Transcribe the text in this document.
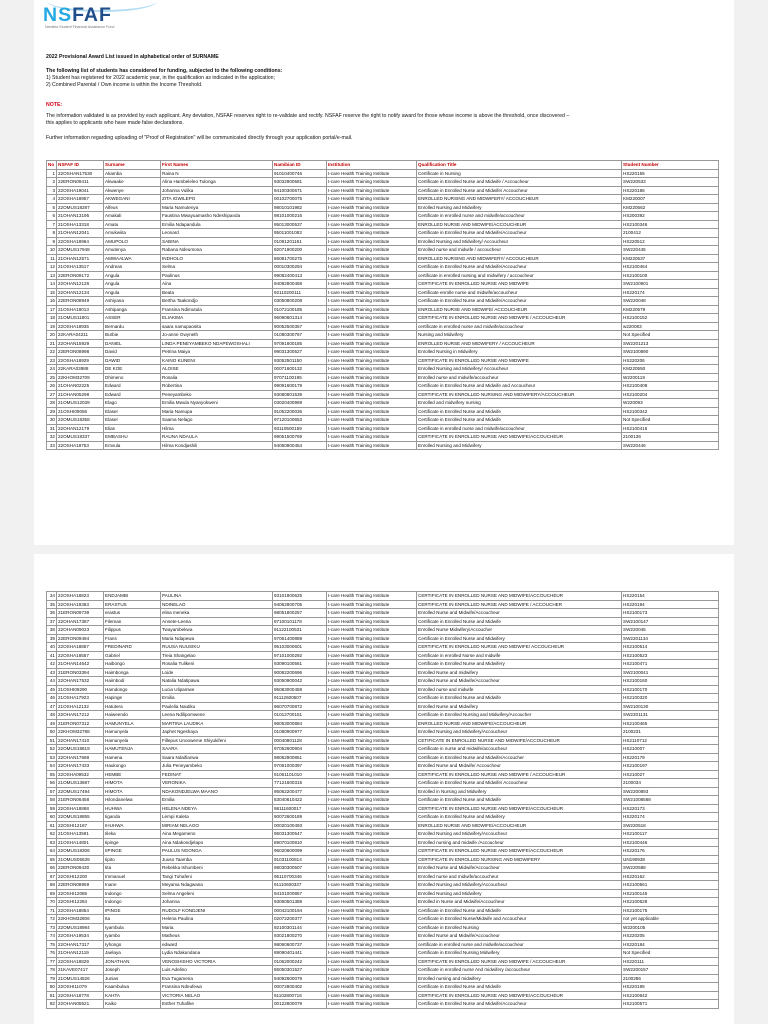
NSFAF
Namibia Student Financial Assistance Fund
2022 Provisional Award List issued in alphabetical order of SURNAME
The following list of students has considered for funding, subjected to the following conditions:
1) Student has registered for 2022 academic year, in the qualification as indicated in the application;
2) Combined Parental / Own income is within the Income Threshold.
NOTE:
The information validated is as provided by each applicant. Any deviation, NSFAF reserves right to re-validate and rectify. NSFAF reserve the right to notify award for those whose income is above the threshold, once discovered –
this applies to applicants who have made false declarations.
Further information regarding uploading of "Proof of Registration" will be communicated directly through your application portal/e-mail.
No	NSFAF ID	Surname	First Names	Namibian ID	Institution	Qualification Title	Student Number
1	22OSHAN17530	Akamba	Raina N	91010400746	I-care Health Training Institute	Certificate in Nursing	HS220155
2	22ERON09411	Akwaake	Alina Hambeleleo Tulonga	93032900581	I-care Health Training Institute	Certificate in Enrolled Nurse and Midwife / Accoucheur	SW220533
3	22OSHA19041	Akwenye	Johanna Vulika	94100300671	I-care Health Training Institute	Certificate in Enrolled Nurse and Midwife/ Accoucheur	HS220186
4	22OSHA18957	AKWEGANI	ZITA IGWILEPO	00102700075	I-care Health Training Institute	ENROLLED NURSING AND MIDWIFERY/ ACCOUCHEUR	KM220007
5	22OMUS18287	Alfeus	Maria Namutenya	98010101982	I-care Health Training Institute	Enrolled Nursing and Midwifery	KM220562
6	21OHAN13195	Amakali	Faustina Mwayuamasho Ndeshipanda	98101000216	I-care Health Training Institute	Certificate in enrolled nurse and midwife/accoucheur	HS200392
7	21OSHA13318	Amatu	Emilia Ndapandula	95013000537	I-care Health Training Institute	ENROLLED NURSE AND MIDWIFE/ACCOUCHEUR	HS2100346
8	21OHAN12041	Amukwiita	Leonard	95011001083	I-care Health Training Institute	Certificate in Enrolled Nurse and Midwife/Accoucheur	2100412
9	22OSHA18964	AMUPOLO	SABINA	01091201161	I-care Health Training Institute	Enrolled Nursing and Midwifery/ Accoucheur	HS220512
10	22OMUS17948	Amutenya	Rabana Ndeumona	92071900200	I-care Health Training Institute	Enrolled nurse and midwife / accoucheur	SW220445
11	21OHAN12571	AMWAALWA	INDHOLO	86081700275	I-care Health Training Institute	ENROLLED NURSING AND MIDWIFERY/ ACCOUCHEUR	KM220537
12	21OSHA13517	Andreas	Selma	00010300294	I-care Health Training Institute	Certificate in Enrolled Nurse and Midwife/Accoucheur	HS2100464
13	22ERON09172	Angula	Paulinus	99082400413	I-care Health Training Institute	certificate in enrolled nursing and midwifery / accoucheur	HS2100100
14	22OHAN12126	Angula	Aina	94082800468	I-care Health Training Institute	CERTIFICATE IN ENROLLED NURSE AND MIDWIFE	SW2100901
15	22OHAN12134	Angula	Beata	92110200111	I-care Health Training Institute	Certificate enrolle nurse and midwife/accoucheur	HS220174
16	22ERON08949	Ashiyana	Bertha Taakondjo	03050800208	I-care Health Training Institute	Certificate in Enrolled Nurse and Midwife/Accoucheur	SW220048
17	21OSHA19013	Ashipanga	Fransina Ndimutula	01072100185	I-care Health Training Institute	ENROLLED NURSE AND MIDWIFE/ ACCOUCHEUR	KM220579
18	21OMUS11801	ASSER	ELIAKIMA	96090601314	I-care Health Training Institute	CERTIFICATE IN ENROLLED NURSE AND MIDWIFE / ACCOUCHEUR	HS2100152
19	22OSHA18935	Bernardu	saara namupaosita	90052500357	I-care Health Training Institute	certificate in enrolled nurse and midwife/accoucheur	w220083
20	22KARA04211	Burbie	Jo-anne Gwyneth	01080300767	I-care Health Training Institute	Nursing and Midwifery	Not Specified
21	22OHAN15929	DANIEL	LINDA PENEYAMBEKO NDAPEWOSHALI	97091600185	I-care Health Training Institute	ENROLLED NURSE AND MIDWIFERY / ACCOUCHEUR	SW2201213
22	22ERON08998	David	Petrina Maiya	99031300527	I-care Health Training Institute	Enrolled Nursing in Midwifery	SW2100890
23	22OSHA18929	DAWID	KAINO KUNENI	93052501150	I-care Health Training Institute	CERTIFICATE IN ENROLLED NURSE AND MIDWIFE	HS220206
24	22KARA03988	DE KOE	ALOISE	00071600132	I-care Health Training Institute	Enrolled Nursing and Midwifery/ Accoucheur	KM220550
25	22KHOM32709	Dhimeno	Rosalia	97071100195	I-care Health Training Institute	Enrolled nurse and midwife/accoucheur	W2200119
26	21OHAN02225	Edward	Robertina	99091600179	I-care Health Training Institute	Certificate in Enrolled Nurse and Midwife and Accoucheur	HS2100408
27	21OHAN05298	Edward	Peneyambeko	93080801539	I-care Health Training Institute	CERTIFICATE IN ENROLLED NURSING AND MIDWIFERY/ACCOUCHEUR	HS2100204
28	21OMUS12039	Elago	Emilia Mwula Nyanyokweni	03020400969	I-care Health Training Institute	Enrolled and midwifery nursing	W220093
29	21OSHI09056	Elaser	Maria Namupa	91052200036	I-care Health Training Institute	Certificate in Enrolled Nurse and Midwife	HS2100342
30	22OMUS18358	Elaser	Saama Nelago	97120100653	I-care Health Training Institute	Certificate in Enrolled Nurse and Midwife	Not Specified
31	22OHAN12179	Elias	Hilma	93110500159	I-care Health Training Institute	Certificate in enrolled nurse and midwife/accoucheur	HS2100416
32	22OMUS18337	EMBASHU	RAUNA NDAULA	99051500769	I-care Health Training Institute	CERTIFICATE IN ENROLLED NURSE AND MIDWIFE/ACCOUCHEUR	2100136
33	22OSHA18753	Emvula	Hilma Kondjashili	94050800454	I-care Health Training Institute	Enrolled Nursing and Midwifery	SW220446
34	22OSHA18823	ENDJAMBI	PAULINA	93101800625	I-care Health Training Institute	CERTIFICATE IN ENROLLED NURSE AND MIDWIFE/ACCOUCHEUR	HS220154
35	22OSHA19363	ERASTUS	NDINELAO	94062800705	I-care Health Training Institute	CERTIFICATE IN ENROLLED NURSE AND MIDWIFE / ACCOUCHER	HS220194
36	21ERON09739	erastus	elina meneka	98051800257	I-care Health Training Institute	Enrolled Nurse and Midwife/Accoucheur	HS2100173
37	22OHAN17387	Fileman	Annete-Leena	97100101178	I-care Health Training Institute	Certificate in Enrolled Nurse and Midwife	SW2100147
38	22OHAN09023	Filippus	Twayambekwa	91122100531	I-care Health Training Institute	Enrolled Nurse Midwifery/Accoucher	SW220045
39	22ERON09494	Frans	Maria Ndapewa	97061400889	I-care Health Training Institute	Certificate in Enrolled Nurse and Midwifery	SW2201134
40	22OSHA18857	FREDINARD	RUUSA NUUSIKU	95103000601	I-care Health Training Institute	CERTIFICATE IN ENROLLED NURSE AND MIDWIFE/ ACCOUCHEUR	HS2100514
41	22OSHA18557	Gabriel	Treia Shangelao	97101000292	I-care Health Training Institute	Certificate in enrolled Nurse and midwife	HS2100523
42	21OHAN14642	Haibongo	Rosalia Tulikeni	93090100561	I-care Health Training Institute	Certificate in Enrolled Nurse and Midwifery	HS2100471
43	21ERON03394	Haimbonga	Loide	90082200696	I-care Health Training Institute	Enrolled Nurse and midwifery	SW2100041
44	22OHAN17532	Haimbodi	Natalia Ndatipawa	93050900042	I-care Health Training Institute	Enrolled Nurse and Midwife/Accoucheur	HS2100160
45	21OSHI09290	Hamdongo	Lucia Ulipamwe	95083000458	I-care Health Training Institute	Enrolled nurse and midwife	HS2100170
46	21OSHA17923	Hapinge	Emilia	91112600507	I-care Health Training Institute	Certificate in Enrolled Nurse and Midwife	HS2100320
47	21OSHA12132	Hatutera	Paulelia Nautiku	96070700872	I-care Health Training Institute	Enrolled Nurse and Midwifery	SW2100130
48	22OHAN17212	Haiweendo	Leena Ndilipomwene	01012700151	I-care Health Training Institute	Certificate in Enrolled Nursing and Midwifery/Accoucher	SW2201131
49	21ERON07312	HAMUNYELA	MARTINA LAUDIKA	96053000884	I-care Health Training Institute	ENROLLED NURSE AND MIDWIFE/ACCOUCHEUR	HS2100465
50	22KHOM32788	Hamunyela	Japhet Ngeshaya	01080900977	I-care Health Training Institute	Enrolled Nursing and Midwifery/Accoucheur	2100231
51	22OHAN17410	Hamunyela	Fillepus Unooweme Shiyukifeni	00040801128	I-care Health Training Institute	CETIFICATE IN ENROLLED NURSE AND MIDWIFE/ACCOUCHEUR	HS2110712
52	22OMUS18819	HAMUTENJA	SAARA	97052600904	I-care Health Training Institute	Certificate in nurse and midwife/accoucheur	HS210007
53	22OHAN17688	Hamena	Saara Ndaifianwa	98062900851	I-care Health Training Institute	Certificate in Enrolled Nurse and Midwife/Accoucher	HS220179
54	22OHAN17433	Haukongo	Julia Peneyambeko	97061000397	I-care Health Training Institute	Enrolled Nurse and Midwife/ Accoucheur	HS2100197
55	22OSHA09532	HEMBE	FEDINAT	91061101010	I-care Health Training Institute	CERTIFICATE IN ENROLLED NURSE AND MIDWIFE / ACCOUCHEUR	HS210027
56	21OMUS13687	HIMOTA	VERONIKA	77121600315	I-care Health Training Institute	Certificate in Enrolled Nurse and Midwife/ Accoucheur	2100034
57	22OMUS17494	HIMOTA	NDAKONDJELWA MAANO	95062200477	I-care Health Training Institute	Enrolled in Nursing and Midwifery	SW2200893
58	21ERON06458	Hilondanelwa	Emilia	83040610422	I-care Health Training Institute	Certificate in Enrolled Nurse and Midwife	SW21008568
59	22OSHA18868	HUHWA	HELENA NDEYA	98111600017	I-care Health Training Institute	CERTIFICATE IN ENROLLED NURSE AND MIDWIFE/ACCOUCHEUR	HS220173
60	22OMUS18855	Iiganda	Lempi Kaleta	90072600189	I-care Health Training Institute	Certificate in Enrolled Nurse and Midwifery	HS220174
61	22OSHI12167	IHUHWA	MIRIAM NELAGO	00020100493	I-care Health Training Institute	ENROLLED NURSE AND MIDWIFE/ACCOUCHEUR	SW220518
62	21OSHA13591	Iileka	Aina Megameno	95031300547	I-care Health Training Institute	Enrolled Nursing and Midwifery/Accoucheur	HS2100117
63	21OSHA14801	Iipinge	Aina Ndakondjelapo	89070100810	I-care Health Training Institute	Enrolled nursing and midwife /Accoucheur	HS2100446
64	22OMUS18306	IIPINGE	PAULUS NGONGA	96020600099	I-care Health Training Institute	CERTIFICATE IN ENROLLED NURSE AND MIDWIFE/ACCOUCHEUR	HS220176
65	21OMUS05639	Iipito	Juuso Taamba	91031100814	I-care Health Training Institute	CERTIFICATE IN ENROLLED NURSING AND MIDWIFERY	UN190938
66	22ERON09430	Iita	Rebekka Ishumbeni	98030300507	I-care Health Training Institute	Enrolled Nurse and Midwife/Accoucheur	SW220588
67	22OSHI12200	Immanuel	Tangi Tuhafeni	95110700346	I-care Health Training Institute	Enrolled nurse and midwife/accoucheur	HS220162
68	22ERON08959	Inane	Meyama Ndagwana	91110600337	I-care Health Training Institute	Enrolled Nursing and Midwifery/Accoucheur	HS2100561
69	22OSHI12085	Indongo	Selma Angeleni	94101000867	I-care Health Training Institute	Enrolled Nursing and Midwifery	HS2100145
70	22OSHI12284	Indongo	Johanna	93060501388	I-care Health Training Institute	Enrolled in Nurse and Midwife/Accoucheur	HS2100628
71	22OSHA18854	IPINGE	RUDOLF KONDJENI	00042100194	I-care Health Training Institute	Certificate in Enrolled Nurse and Midwife	HS2100175
72	22KHOM32806	Ita	Helena Paulina	02072200377	I-care Health Training Institute	Certificate in Enrolled Nurse/Midwife and Accoucheur	not yet applicable
73	22OMUS18984	Iyambula	Maria	92100301144	I-care Health Training Institute	Certificate in Enrolled Nursing	W2200105
74	22OSHA19534	Iyambo	Matheus	93021800270	I-care Health Training Institute	Enrolled Nurse and Midwife/Accoucheur	HS220205
75	22OHAN17317	Iyhongo	edward	98060600737	I-care Health Training Institute	certificate in enrolled nurse and midwife/accoucheur	HS220184
76	21OHAN12119	Jaelaya	Lydia Ndakundana	89090401441	I-care Health Training Institute	Certificate in Enrolled Nursing Midwifery	Not Specified
77	22OSHA18829	JONATHAN	VENOSHISHO VICTORIA	01062000242	I-care Health Training Institute	CERTIFICATE IN ENROLLED NURSE AND MIDWIFE / ACCOUCHEUR	HS220111
78	21KAVE07417	Joseph	Luis Adelino	86050301527	I-care Health Training Institute	Certificate in enrolled nurse And midwifery /accoucheur	SW2200157
79	21OMUS14526	Junias	Eva Tugamena	94092600079	I-care Health Training Institute	Enrolled nursing and midwifery	2100286
80	22OSHI11079	Kaambulwa	Fransina Ndeufewa	00072800402	I-care Health Training Institute	Certificate in Enrolled Nurse and Midwife	HS220195
81	22OSHA18778	KAHTA	VICTORIA NELAO	91102800716	I-care Health Training Institute	CERTIFICATE IN ENROLLED NURSE AND MIDWIFE/ACCOUCHEUR	HS2100642
82	22OHAN05521	Kaiko	Esther Tuhafike	00122800079	I-care Health Training Institute	Certificate in Enrolled Nurse and Midwife/Accoucheur	HS2100571
